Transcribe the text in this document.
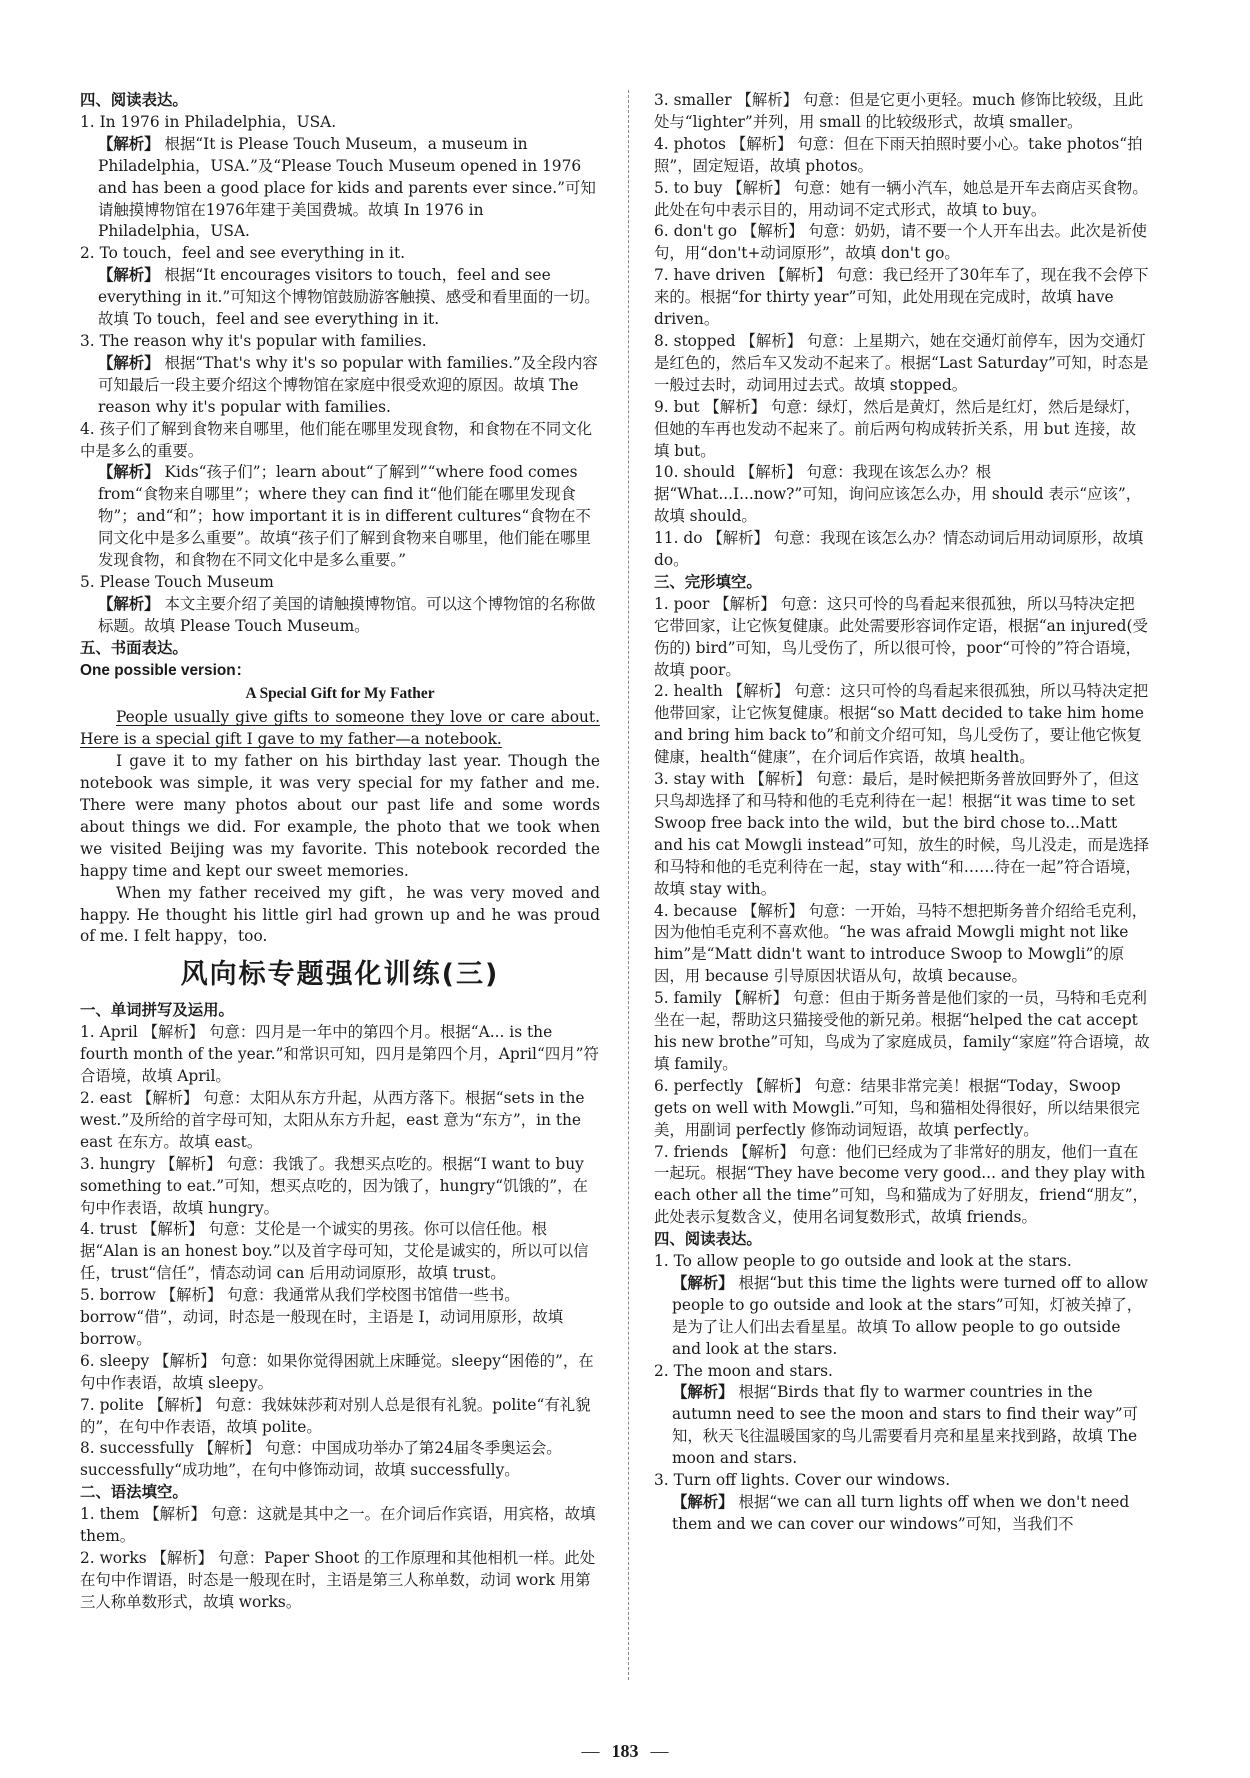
四、阅读表达。
1. In 1976 in Philadelphia，USA.
【解析】 根据“It is Please Touch Museum，a museum in Philadelphia，USA.”及“Please Touch Museum opened in 1976 and has been a good place for kids and parents ever since.”可知请触摸博物馆在1976年建于美国费城。故填 In 1976 in Philadelphia，USA.
2. To touch，feel and see everything in it.
【解析】 根据“It encourages visitors to touch，feel and see everything in it.”可知这个博物馆鼓励游客触摸、感受和看里面的一切。故填 To touch，feel and see everything in it.
3. The reason why it's popular with families.
【解析】 根据“That's why it's so popular with families.”及全段内容可知最后一段主要介绍这个博物馆在家庭中很受欢迎的原因。故填 The reason why it's popular with families.
4. 孩子们了解到食物来自哪里，他们能在哪里发现食物，和食物在不同文化中是多么的重要。
【解析】 Kids“孩子们”；learn about“了解到”“where food comes from“食物来自哪里”；where they can find it“他们能在哪里发现食物”；and“和”；how important it is in different cultures“食物在不同文化中是多么重要”。故填“孩子们了解到食物来自哪里，他们能在哪里发现食物，和食物在不同文化中是多么重要。”
5. Please Touch Museum
【解析】 本文主要介绍了美国的请触摸博物馆。可以这个博物馆的名称做标题。故填 Please Touch Museum。
五、书面表达。
One possible version：
A Special Gift for My Father
People usually give gifts to someone they love or care about. Here is a special gift I gave to my father—a notebook.
I gave it to my father on his birthday last year. Though the notebook was simple, it was very special for my father and me. There were many photos about our past life and some words about things we did. For example, the photo that we took when we visited Beijing was my favorite. This notebook recorded the happy time and kept our sweet memories.
When my father received my gift，he was very moved and happy. He thought his little girl had grown up and he was proud of me. I felt happy，too.
风向标专题强化训练(三)
一、单词拼写及运用。
1. April 【解析】 句意：四月是一年中的第四个月。根据“A... is the fourth month of the year.”和常识可知，四月是第四个月，April“四月”符合语境，故填 April。
2. east 【解析】 句意：太阳从东方升起，从西方落下。根据“sets in the west.”及所给的首字母可知，太阳从东方升起，east 意为“东方”，in the east 在东方。故填 east。
3. hungry 【解析】 句意：我饿了。我想买点吃的。根据“I want to buy something to eat.”可知，想买点吃的，因为饿了，hungry“饥饿的”，在句中作表语，故填 hungry。
4. trust 【解析】 句意：艾伦是一个诚实的男孩。你可以信任他。根据“Alan is an honest boy.”以及首字母可知，艾伦是诚实的，所以可以信任，trust“信任”，情态动词 can 后用动词原形，故填 trust。
5. borrow 【解析】 句意：我通常从我们学校图书馆借一些书。borrow“借”，动词，时态是一般现在时，主语是 I，动词用原形，故填 borrow。
6. sleepy 【解析】 句意：如果你觉得困就上床睡觉。sleepy“困倦的”，在句中作表语，故填 sleepy。
7. polite 【解析】 句意：我妹妹莎莉对别人总是很有礼貌。polite“有礼貌的”，在句中作表语，故填 polite。
8. successfully 【解析】 句意：中国成功举办了第24届冬季奥运会。successfully“成功地”，在句中修饰动词，故填 successfully。
二、语法填空。
1. them 【解析】 句意：这就是其中之一。在介词后作宾语，用宾格，故填 them。
2. works 【解析】 句意：Paper Shoot 的工作原理和其他相机一样。此处在句中作谓语，时态是一般现在时，主语是第三人称单数，动词 work 用第三人称单数形式，故填 works。
3. smaller 【解析】 句意：但是它更小更轻。much 修饰比较级，且此处与“lighter”并列，用 small 的比较级形式，故填 smaller。
4. photos 【解析】 句意：但在下雨天拍照时要小心。take photos“拍照”，固定短语，故填 photos。
5. to buy 【解析】 句意：她有一辆小汽车，她总是开车去商店买食物。此处在句中表示目的，用动词不定式形式，故填 to buy。
6. don't go 【解析】 句意：奶奶，请不要一个人开车出去。此次是祈使句，用“don't+动词原形”，故填 don't go。
7. have driven 【解析】 句意：我已经开了30年车了，现在我不会停下来的。根据“for thirty year”可知，此处用现在完成时，故填 have driven。
8. stopped 【解析】 句意：上星期六，她在交通灯前停车，因为交通灯是红色的，然后车又发动不起来了。根据“Last Saturday”可知，时态是一般过去时，动词用过去式。故填 stopped。
9. but 【解析】 句意：绿灯，然后是黄灯，然后是红灯，然后是绿灯，但她的车再也发动不起来了。前后两句构成转折关系，用 but 连接，故填 but。
10. should 【解析】 句意：我现在该怎么办？根据“What...I...now?”可知，询问应该怎么办，用 should 表示“应该”，故填 should。
11. do 【解析】 句意：我现在该怎么办？情态动词后用动词原形，故填 do。
三、完形填空。
1. poor 【解析】 句意：这只可怜的鸟看起来很孤独，所以马特决定把它带回家，让它恢复健康。此处需要形容词作定语，根据“an injured(受伤的) bird”可知，鸟儿受伤了，所以很可怜，poor“可怜的”符合语境，故填 poor。
2. health 【解析】 句意：这只可怜的鸟看起来很孤独，所以马特决定把他带回家，让它恢复健康。根据“so Matt decided to take him home and bring him back to”和前文介绍可知，鸟儿受伤了，要让他它恢复健康，health“健康”，在介词后作宾语，故填 health。
3. stay with 【解析】 句意：最后，是时候把斯务普放回野外了，但这只鸟却选择了和马特和他的毛克利待在一起！根据“it was time to set Swoop free back into the wild，but the bird chose to...Matt and his cat Mowgli instead”可知，放生的时候，鸟儿没走，而是选择和马特和他的毛克利待在一起，stay with“和……待在一起”符合语境，故填 stay with。
4. because 【解析】 句意：一开始，马特不想把斯务普介绍给毛克利，因为他怕毛克利不喜欢他。“he was afraid Mowgli might not like him”是“Matt didn't want to introduce Swoop to Mowgli”的原因，用 because 引导原因状语从句，故填 because。
5. family 【解析】 句意：但由于斯务普是他们家的一员，马特和毛克利坐在一起，帮助这只猫接受他的新兄弟。根据“helped the cat accept his new brothe”可知，鸟成为了家庭成员，family“家庭”符合语境，故填 family。
6. perfectly 【解析】 句意：结果非常完美！根据“Today，Swoop gets on well with Mowgli.”可知，鸟和猫相处得很好，所以结果很完美，用副词 perfectly 修饰动词短语，故填 perfectly。
7. friends 【解析】 句意：他们已经成为了非常好的朋友，他们一直在一起玩。根据“They have become very good... and they play with each other all the time”可知，鸟和猫成为了好朋友，friend“朋友”，此处表示复数含义，使用名词复数形式，故填 friends。
四、阅读表达。
1. To allow people to go outside and look at the stars.
【解析】 根据“but this time the lights were turned off to allow people to go outside and look at the stars”可知，灯被关掉了，是为了让人们出去看星星。故填 To allow people to go outside and look at the stars.
2. The moon and stars.
【解析】 根据“Birds that fly to warmer countries in the autumn need to see the moon and stars to find their way”可知，秋天飞往温暖国家的鸟儿需要看月亮和星星来找到路，故填 The moon and stars.
3. Turn off lights. Cover our windows.
【解析】 根据“we can all turn lights off when we don't need them and we can cover our windows”可知，当我们不
— 183 —
